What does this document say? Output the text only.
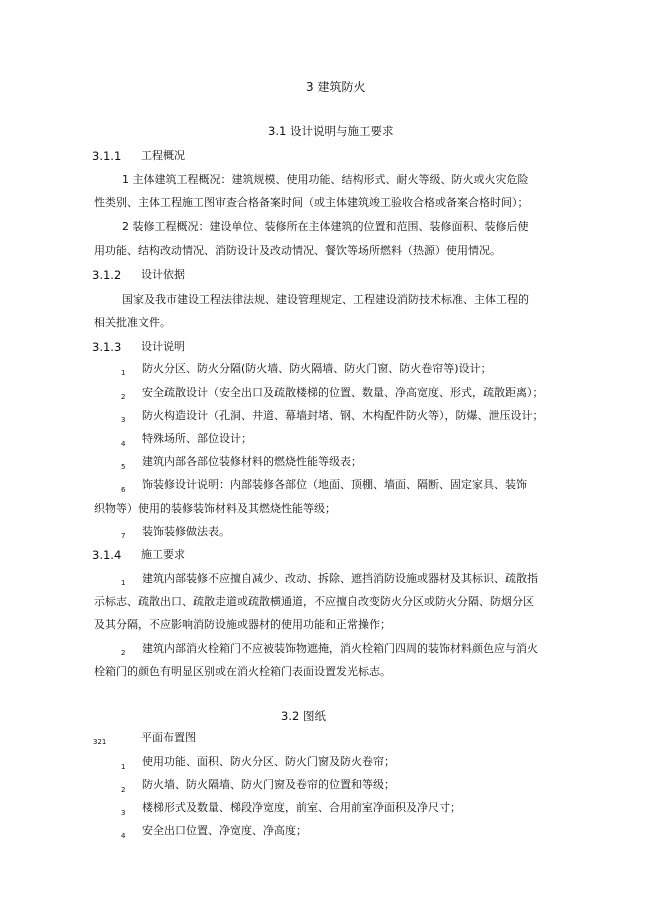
3 建筑防火
3.1 设计说明与施工要求
3.1.1 工程概况
1 主体建筑工程概况：建筑规模、使用功能、结构形式、耐火等级、防火或火灾危险
性类别、主体工程施工图审查合格备案时间（或主体建筑竣工验收合格或备案合格时间）；
2 装修工程概况：建设单位、装修所在主体建筑的位置和范围、装修面积、装修后使
用功能、结构改动情况、消防设计及改动情况、餐饮等场所燃料（热源）使用情况。
3.1.2 设计依据
国家及我市建设工程法律法规、建设管理规定、工程建设消防技术标准、主体工程的
相关批准文件。
3.1.3 设计说明
1 防火分区、防火分隔(防火墙、防火隔墙、防火门窗、防火卷帘等)设计；
2 安全疏散设计（安全出口及疏散楼梯的位置、数量、净高宽度、形式，疏散距离）；
3 防火构造设计（孔洞、井道、幕墙封堵、钢、木构配件防火等），防爆、泄压设计；
4 特殊场所、部位设计；
5 建筑内部各部位装修材料的燃烧性能等级表；
6 饰装修设计说明：内部装修各部位（地面、顶棚、墙面、隔断、固定家具、装饰
织物等）使用的装修装饰材料及其燃烧性能等级；
7 装饰装修做法表。
3.1.4 施工要求
1 建筑内部装修不应擅自减少、改动、拆除、遮挡消防设施或器材及其标识、疏散指
示标志、疏散出口、疏散走道或疏散横通道，不应擅自改变防火分区或防火分隔、防烟分区
及其分隔，不应影响消防设施或器材的使用功能和正常操作；
2 建筑内部消火栓箱门不应被装饰物遮掩，消火栓箱门四周的装饰材料颜色应与消火
栓箱门的颜色有明显区别或在消火栓箱门表面设置发光标志。
3.2 图纸
321	平面布置图
1 使用功能、面积、防火分区、防火门窗及防火卷帘；
2 防火墙、防火隔墙、防火门窗及卷帘的位置和等级；
3 楼梯形式及数量、梯段净宽度，前室、合用前室净面积及净尺寸；
4 安全出口位置、净宽度、净高度；
